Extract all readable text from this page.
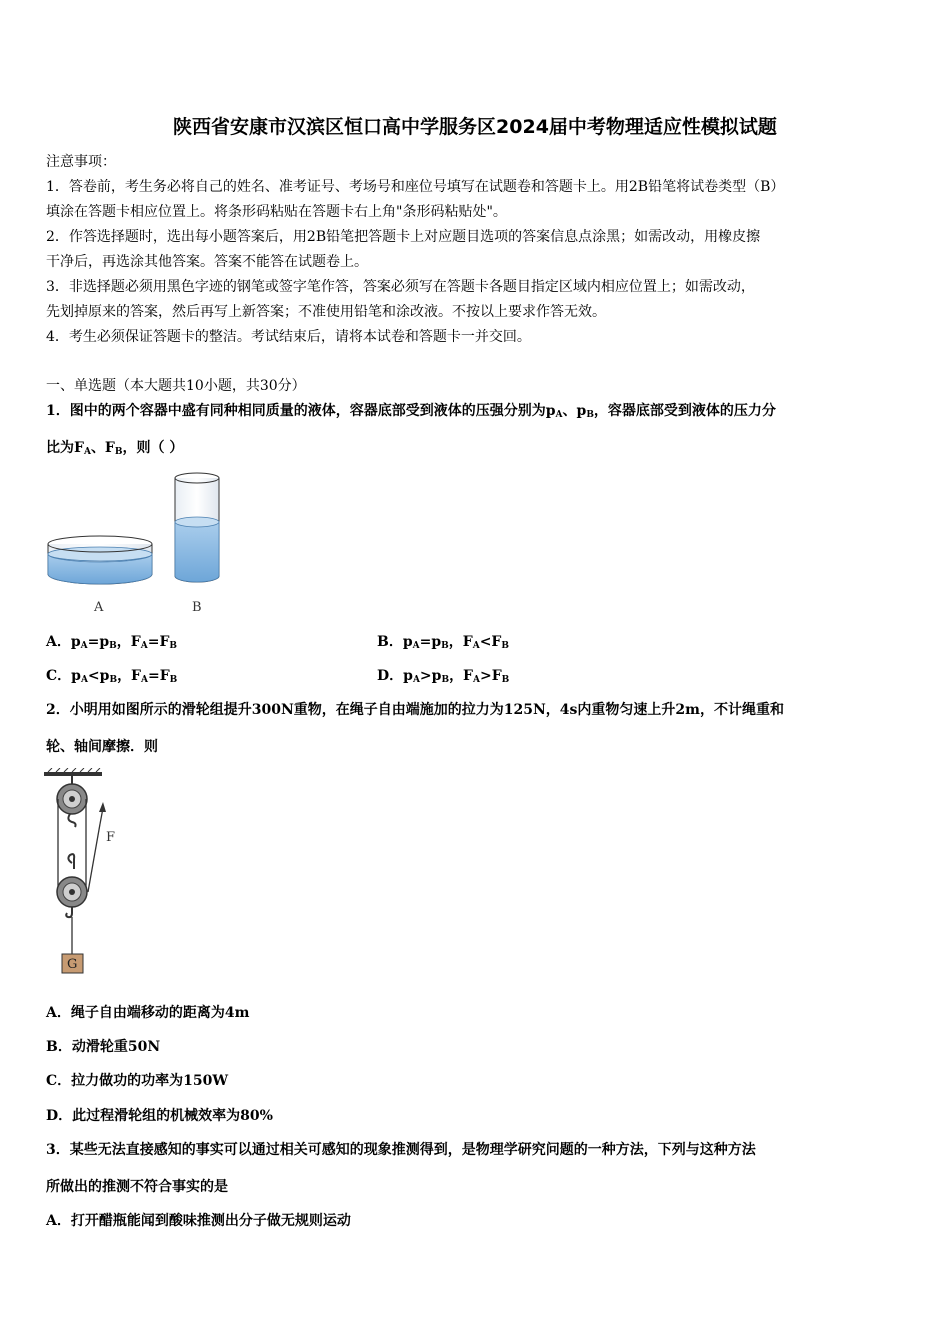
陕西省安康市汉滨区恒口高中学服务区2024届中考物理适应性模拟试题
注意事项：
1．答卷前，考生务必将自己的姓名、准考证号、考场号和座位号填写在试题卷和答题卡上。用2B铅笔将试卷类型（B）
填涂在答题卡相应位置上。将条形码粘贴在答题卡右上角"条形码粘贴处"。
2．作答选择题时，选出每小题答案后，用2B铅笔把答题卡上对应题目选项的答案信息点涂黑；如需改动，用橡皮擦
干净后，再选涂其他答案。答案不能答在试题卷上。
3．非选择题必须用黑色字迹的钢笔或签字笔作答，答案必须写在答题卡各题目指定区域内相应位置上；如需改动，
先划掉原来的答案，然后再写上新答案；不准使用铅笔和涂改液。不按以上要求作答无效。
4．考生必须保证答题卡的整洁。考试结束后，请将本试卷和答题卡一并交回。
一、单选题（本大题共10小题，共30分）
1．图中的两个容器中盛有同种相同质量的液体，容器底部受到液体的压强分别为$p_A$、$p_B$，容器底部受到液体的压力分
比为$F_A$、$F_B$，则（ ）
A	B
A．$p_A=p_B$，$F_A=F_B$	B．$p_A=p_B$，$F_A<F_B$
C．$p_A<p_B$，$F_A=F_B$	D．$p_A>p_B$，$F_A>F_B$
2．小明用如图所示的滑轮组提升300N重物，在绳子自由端施加的拉力为125N，4s内重物匀速上升2m，不计绳重和
轮、轴间摩擦．则
F
G
A．绳子自由端移动的距离为4m
B．动滑轮重50N
C．拉力做功的功率为150W
D．此过程滑轮组的机械效率为80%
3．某些无法直接感知的事实可以通过相关可感知的现象推测得到，是物理学研究问题的一种方法，下列与这种方法
所做出的推测不符合事实的是
A．打开醋瓶能闻到酸味推测出分子做无规则运动
